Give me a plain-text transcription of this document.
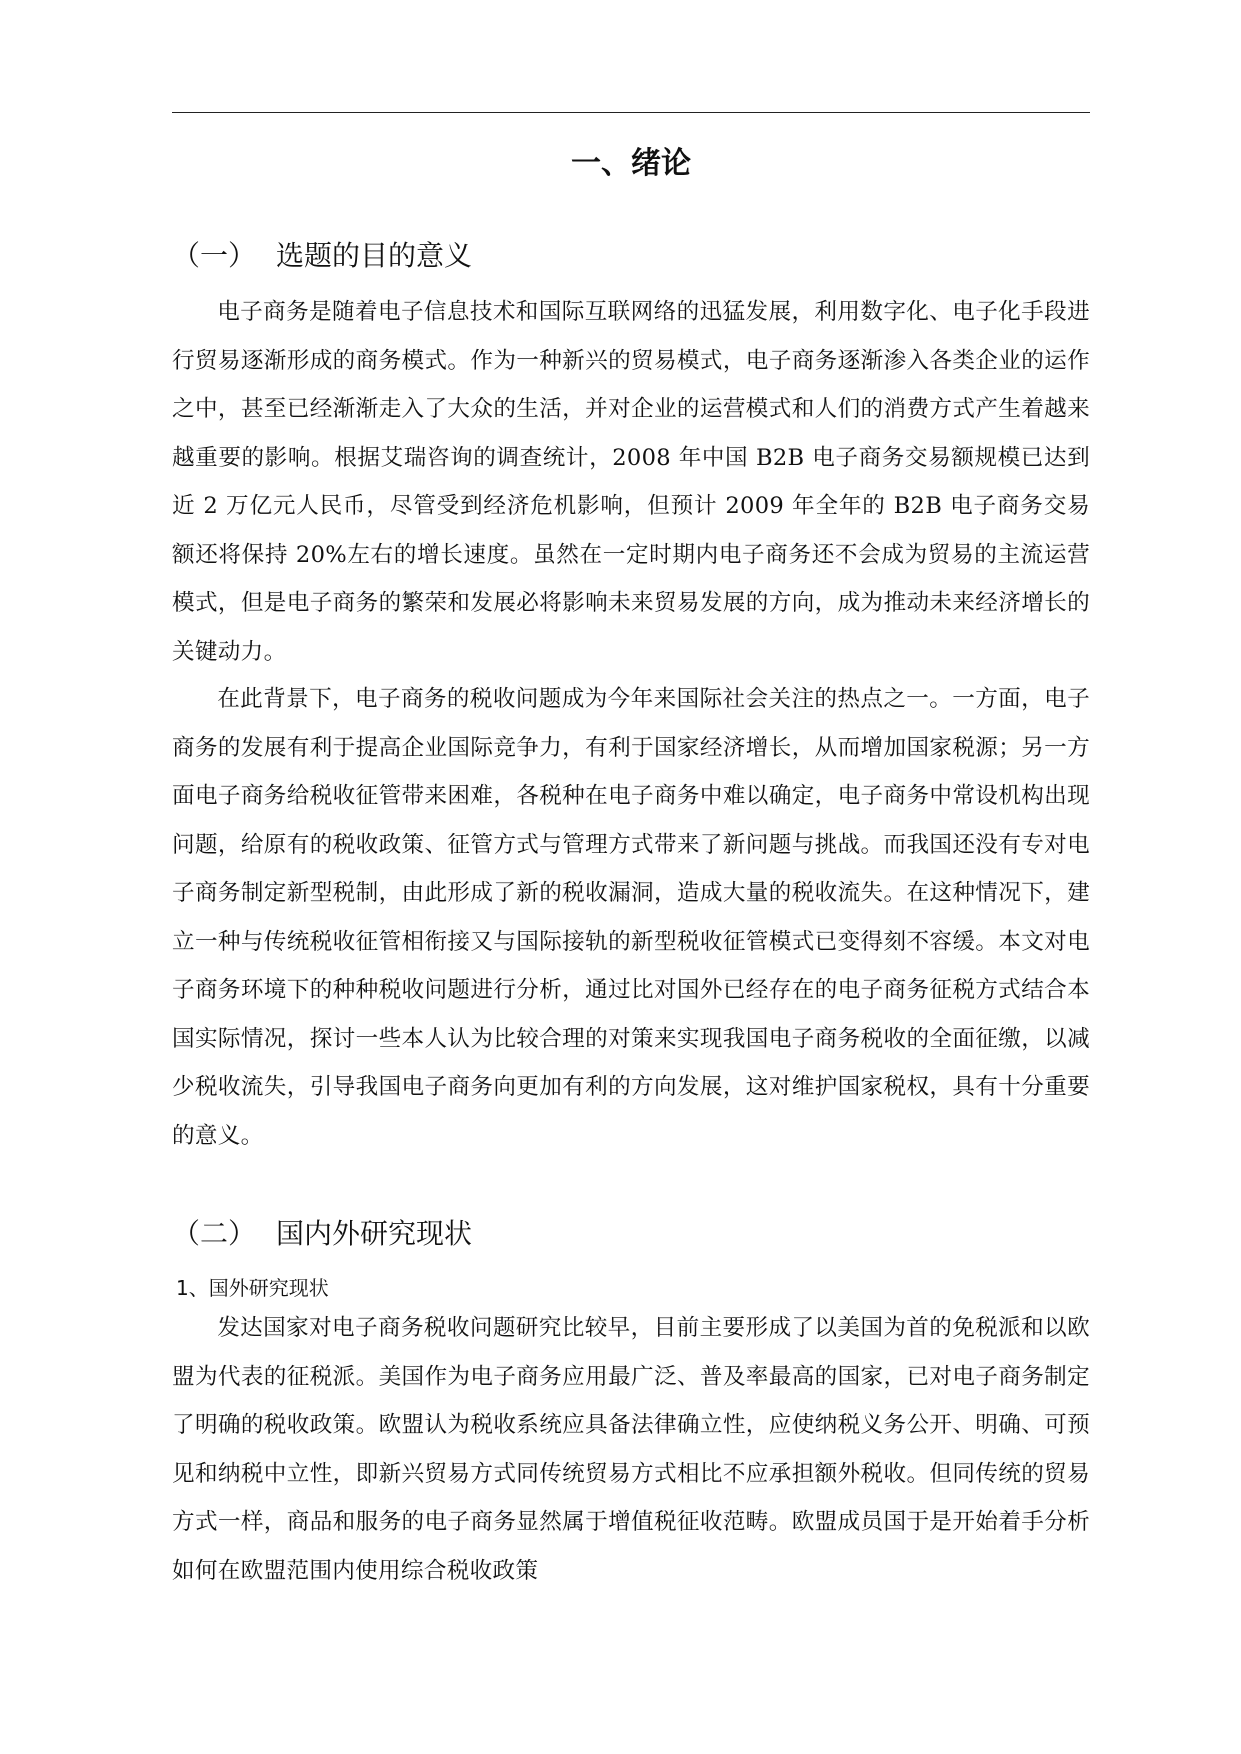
一、绪论
（一） 选题的目的意义

电子商务是随着电子信息技术和国际互联网络的迅猛发展，利用数字化、电子化手段进行贸易逐渐形成的商务模式。作为一种新兴的贸易模式，电子商务逐渐渗入各类企业的运作之中，甚至已经渐渐走入了大众的生活，并对企业的运营模式和人们的消费方式产生着越来越重要的影响。根据艾瑞咨询的调查统计，2008 年中国 B2B 电子商务交易额规模已达到近 2 万亿元人民币，尽管受到经济危机影响，但预计 2009 年全年的 B2B 电子商务交易额还将保持 20%左右的增长速度。虽然在一定时期内电子商务还不会成为贸易的主流运营模式，但是电子商务的繁荣和发展必将影响未来贸易发展的方向，成为推动未来经济增长的关键动力。

在此背景下，电子商务的税收问题成为今年来国际社会关注的热点之一。一方面，电子商务的发展有利于提高企业国际竞争力，有利于国家经济增长，从而增加国家税源；另一方面电子商务给税收征管带来困难，各税种在电子商务中难以确定，电子商务中常设机构出现问题，给原有的税收政策、征管方式与管理方式带来了新问题与挑战。而我国还没有专对电子商务制定新型税制，由此形成了新的税收漏洞，造成大量的税收流失。在这种情况下，建立一种与传统税收征管相衔接又与国际接轨的新型税收征管模式已变得刻不容缓。本文对电子商务环境下的种种税收问题进行分析，通过比对国外已经存在的电子商务征税方式结合本国实际情况，探讨一些本人认为比较合理的对策来实现我国电子商务税收的全面征缴，以减少税收流失，引导我国电子商务向更加有利的方向发展，这对维护国家税权，具有十分重要的意义。

（二） 国内外研究现状
1、国外研究现状

发达国家对电子商务税收问题研究比较早，目前主要形成了以美国为首的免税派和以欧盟为代表的征税派。美国作为电子商务应用最广泛、普及率最高的国家，已对电子商务制定了明确的税收政策。欧盟认为税收系统应具备法律确立性，应使纳税义务公开、明确、可预见和纳税中立性，即新兴贸易方式同传统贸易方式相比不应承担额外税收。但同传统的贸易方式一样，商品和服务的电子商务显然属于增值税征收范畴。欧盟成员国于是开始着手分析如何在欧盟范围内使用综合税收政策
